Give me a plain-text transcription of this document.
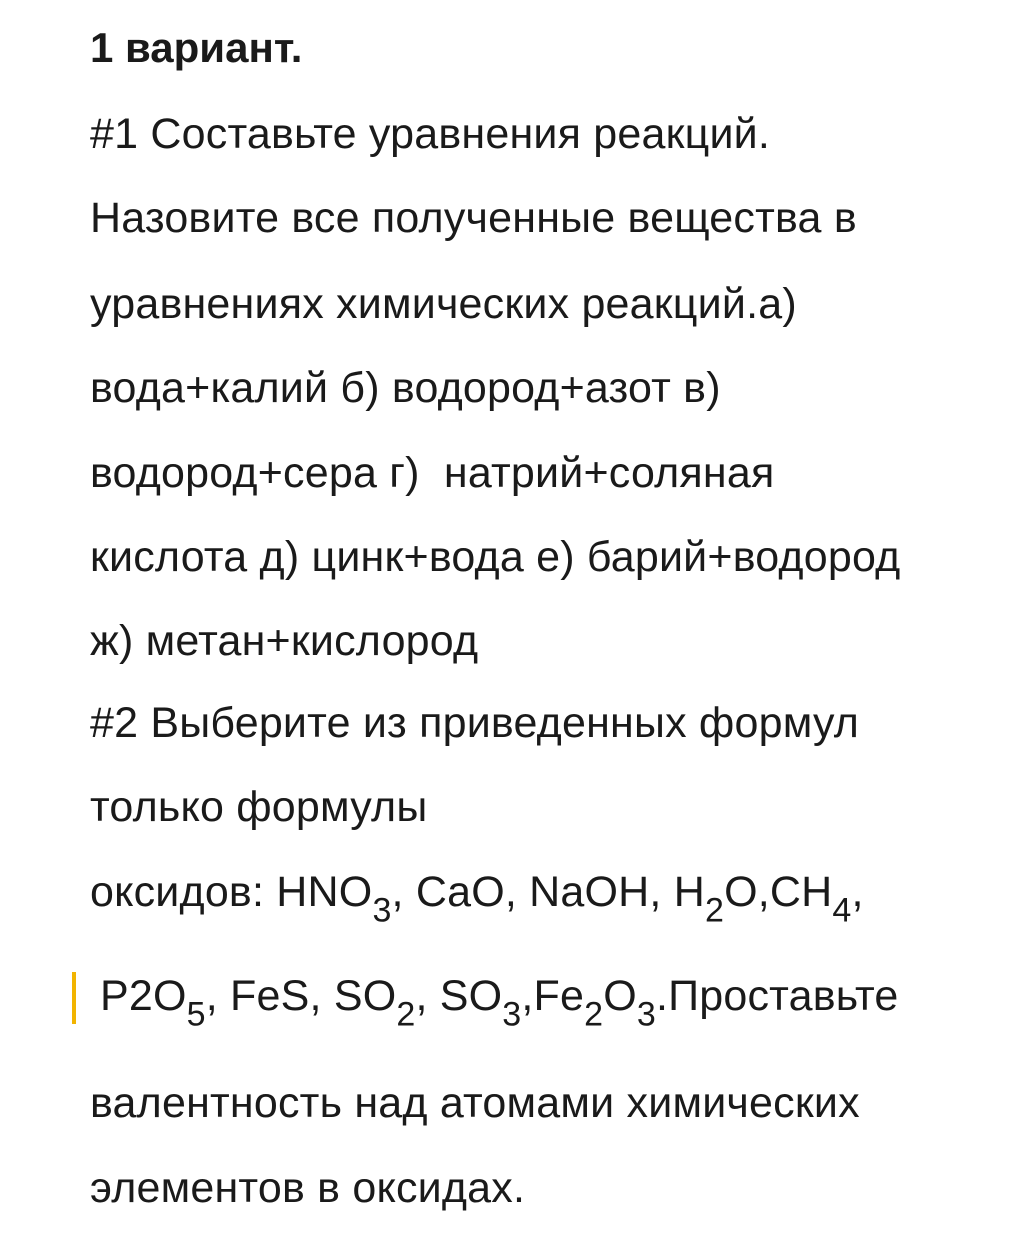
1 вариант.
#1 Составьте уравнения реакций.
Назовите все полученные вещества в
уравнениях химических реакций.а)
вода+калий б) водород+азот в)
водород+сера г)  натрий+соляная
кислота д) цинк+вода е) барий+водород
ж) метан+кислород
#2 Выберите из приведенных формул
только формулы
оксидов: $HNO_3$, CaO, NaOH, $H_2O,CH_4$,
$P2O_5$, FeS, $SO_2$, $SO_3,Fe_2O_3.Проставьте$
валентность над атомами химических
элементов в оксидах.
